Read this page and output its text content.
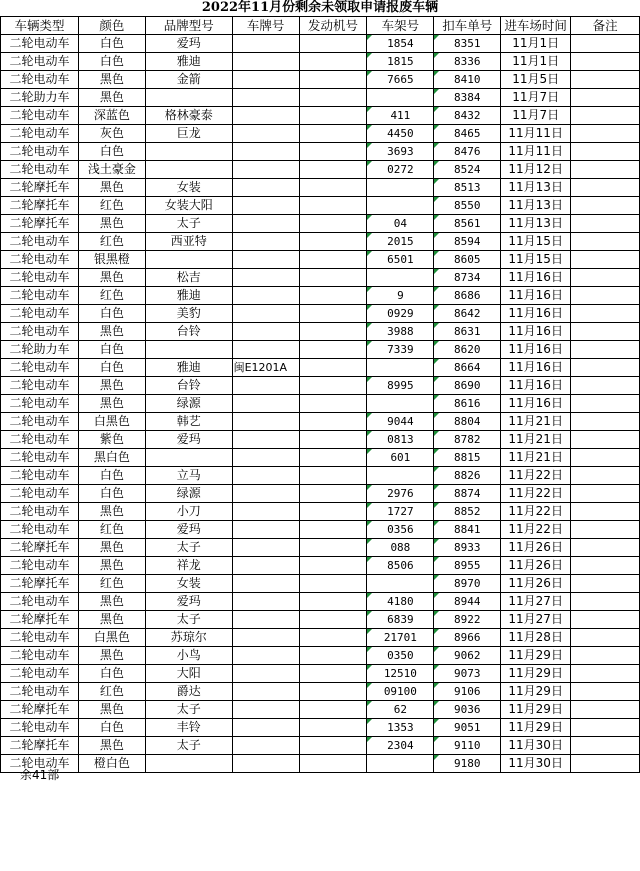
2022年11月份剩余未领取申请报废车辆
车辆类型	颜色	品牌型号	车牌号	发动机号	车架号	扣车单号	进车场时间	备注
二轮电动车	白色	爱玛			1854	8351	11月1日	
二轮电动车	白色	雅迪			1815	8336	11月1日	
二轮电动车	黑色	金箭			7665	8410	11月5日	
二轮助力车	黑色					8384	11月7日	
二轮电动车	深蓝色	格林豪泰			411	8432	11月7日	
二轮电动车	灰色	巨龙			4450	8465	11月11日	
二轮电动车	白色				3693	8476	11月11日	
二轮电动车	浅土豪金				0272	8524	11月12日	
二轮摩托车	黑色	女装				8513	11月13日	
二轮摩托车	红色	女装大阳				8550	11月13日	
二轮摩托车	黑色	太子			04	8561	11月13日	
二轮电动车	红色	西亚特			2015	8594	11月15日	
二轮电动车	银黑橙				6501	8605	11月15日	
二轮电动车	黑色	松吉				8734	11月16日	
二轮电动车	红色	雅迪			9	8686	11月16日	
二轮电动车	白色	美豹			0929	8642	11月16日	
二轮电动车	黑色	台铃			3988	8631	11月16日	
二轮助力车	白色				7339	8620	11月16日	
二轮电动车	白色	雅迪	闽E1201A			8664	11月16日	
二轮电动车	黑色	台铃			8995	8690	11月16日	
二轮电动车	黑色	绿源				8616	11月16日	
二轮电动车	白黑色	韩艺			9044	8804	11月21日	
二轮电动车	紫色	爱玛			0813	8782	11月21日	
二轮电动车	黑白色				601	8815	11月21日	
二轮电动车	白色	立马				8826	11月22日	
二轮电动车	白色	绿源			2976	8874	11月22日	
二轮电动车	黑色	小刀			1727	8852	11月22日	
二轮电动车	红色	爱玛			0356	8841	11月22日	
二轮摩托车	黑色	太子			088	8933	11月26日	
二轮电动车	黑色	祥龙			8506	8955	11月26日	
二轮摩托车	红色	女装				8970	11月26日	
二轮电动车	黑色	爱玛			4180	8944	11月27日	
二轮摩托车	黑色	太子			6839	8922	11月27日	
二轮电动车	白黑色	苏琼尔			21701	8966	11月28日	
二轮电动车	黑色	小鸟			0350	9062	11月29日	
二轮电动车	白色	大阳			12510	9073	11月29日	
二轮电动车	红色	爵达			09100	9106	11月29日	
二轮摩托车	黑色	太子			62	9036	11月29日	
二轮电动车	白色	丰铃			1353	9051	11月29日	
二轮摩托车	黑色	太子			2304	9110	11月30日	
二轮电动车	橙白色					9180	11月30日	
余41部
